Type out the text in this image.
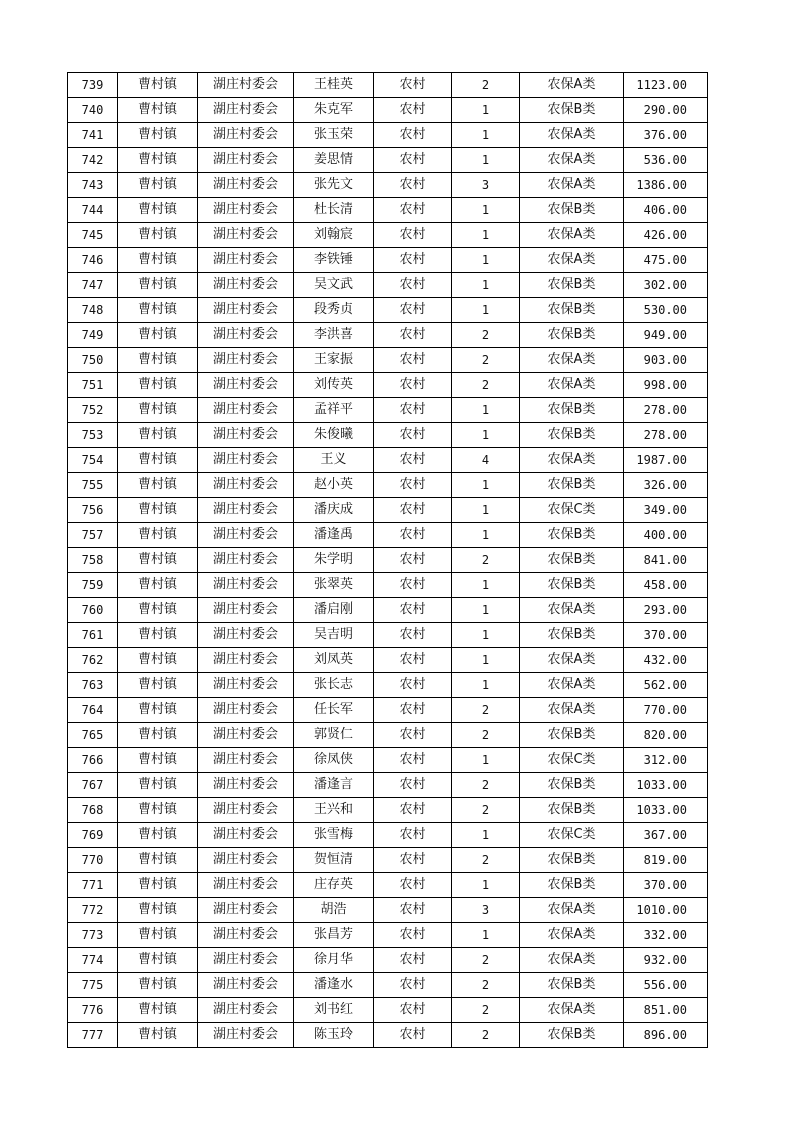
739	曹村镇	湖庄村委会	王桂英	农村	2	农保A类	1123.00
740	曹村镇	湖庄村委会	朱克军	农村	1	农保B类	290.00
741	曹村镇	湖庄村委会	张玉荣	农村	1	农保A类	376.00
742	曹村镇	湖庄村委会	姜思情	农村	1	农保A类	536.00
743	曹村镇	湖庄村委会	张先文	农村	3	农保A类	1386.00
744	曹村镇	湖庄村委会	杜长清	农村	1	农保B类	406.00
745	曹村镇	湖庄村委会	刘翰宸	农村	1	农保A类	426.00
746	曹村镇	湖庄村委会	李铁锤	农村	1	农保A类	475.00
747	曹村镇	湖庄村委会	吴文武	农村	1	农保B类	302.00
748	曹村镇	湖庄村委会	段秀贞	农村	1	农保B类	530.00
749	曹村镇	湖庄村委会	李洪喜	农村	2	农保B类	949.00
750	曹村镇	湖庄村委会	王家振	农村	2	农保A类	903.00
751	曹村镇	湖庄村委会	刘传英	农村	2	农保A类	998.00
752	曹村镇	湖庄村委会	孟祥平	农村	1	农保B类	278.00
753	曹村镇	湖庄村委会	朱俊曦	农村	1	农保B类	278.00
754	曹村镇	湖庄村委会	王义	农村	4	农保A类	1987.00
755	曹村镇	湖庄村委会	赵小英	农村	1	农保B类	326.00
756	曹村镇	湖庄村委会	潘庆成	农村	1	农保C类	349.00
757	曹村镇	湖庄村委会	潘逢禹	农村	1	农保B类	400.00
758	曹村镇	湖庄村委会	朱学明	农村	2	农保B类	841.00
759	曹村镇	湖庄村委会	张翠英	农村	1	农保B类	458.00
760	曹村镇	湖庄村委会	潘启刚	农村	1	农保A类	293.00
761	曹村镇	湖庄村委会	吴吉明	农村	1	农保B类	370.00
762	曹村镇	湖庄村委会	刘凤英	农村	1	农保A类	432.00
763	曹村镇	湖庄村委会	张长志	农村	1	农保A类	562.00
764	曹村镇	湖庄村委会	任长军	农村	2	农保A类	770.00
765	曹村镇	湖庄村委会	郭贤仁	农村	2	农保B类	820.00
766	曹村镇	湖庄村委会	徐凤侠	农村	1	农保C类	312.00
767	曹村镇	湖庄村委会	潘逢言	农村	2	农保B类	1033.00
768	曹村镇	湖庄村委会	王兴和	农村	2	农保B类	1033.00
769	曹村镇	湖庄村委会	张雪梅	农村	1	农保C类	367.00
770	曹村镇	湖庄村委会	贺恒清	农村	2	农保B类	819.00
771	曹村镇	湖庄村委会	庄存英	农村	1	农保B类	370.00
772	曹村镇	湖庄村委会	胡浩	农村	3	农保A类	1010.00
773	曹村镇	湖庄村委会	张昌芳	农村	1	农保A类	332.00
774	曹村镇	湖庄村委会	徐月华	农村	2	农保A类	932.00
775	曹村镇	湖庄村委会	潘逢水	农村	2	农保B类	556.00
776	曹村镇	湖庄村委会	刘书红	农村	2	农保A类	851.00
777	曹村镇	湖庄村委会	陈玉玲	农村	2	农保B类	896.00
